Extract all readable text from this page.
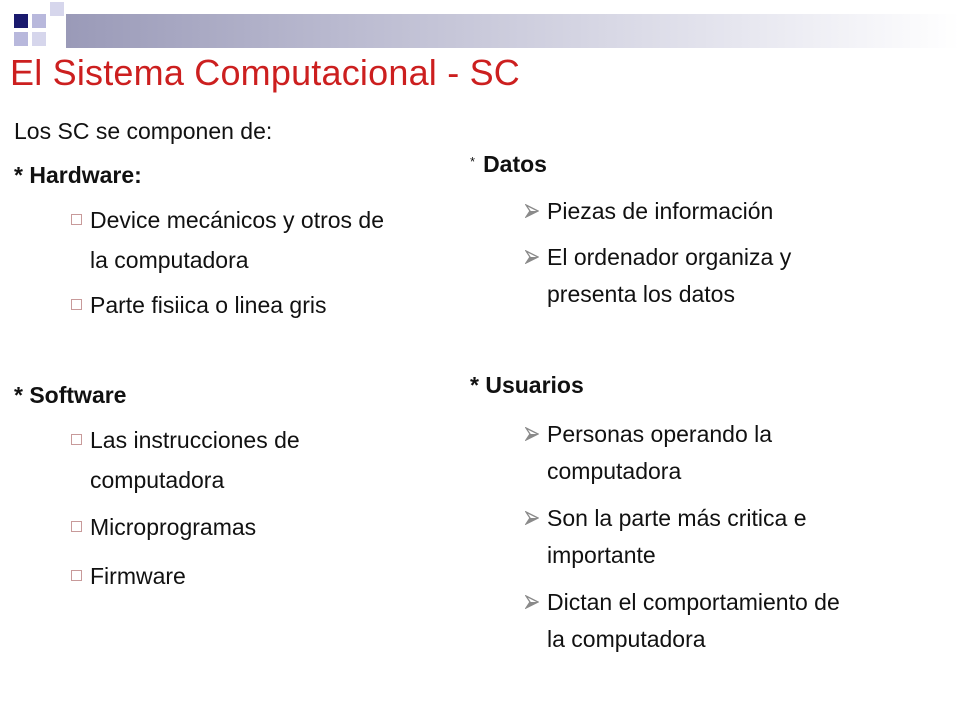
El Sistema Computacional - SC
Los SC se componen de:
* Hardware:
Device mecánicos y otros de
la computadora
Parte fisiica o linea gris
* Software
Las instrucciones de
computadora
Microprogramas
Firmware
* Datos
Piezas de información
El ordenador organiza y
presenta los datos
* Usuarios
Personas operando la
computadora
Son la parte más critica e
importante
Dictan el comportamiento de
la computadora
